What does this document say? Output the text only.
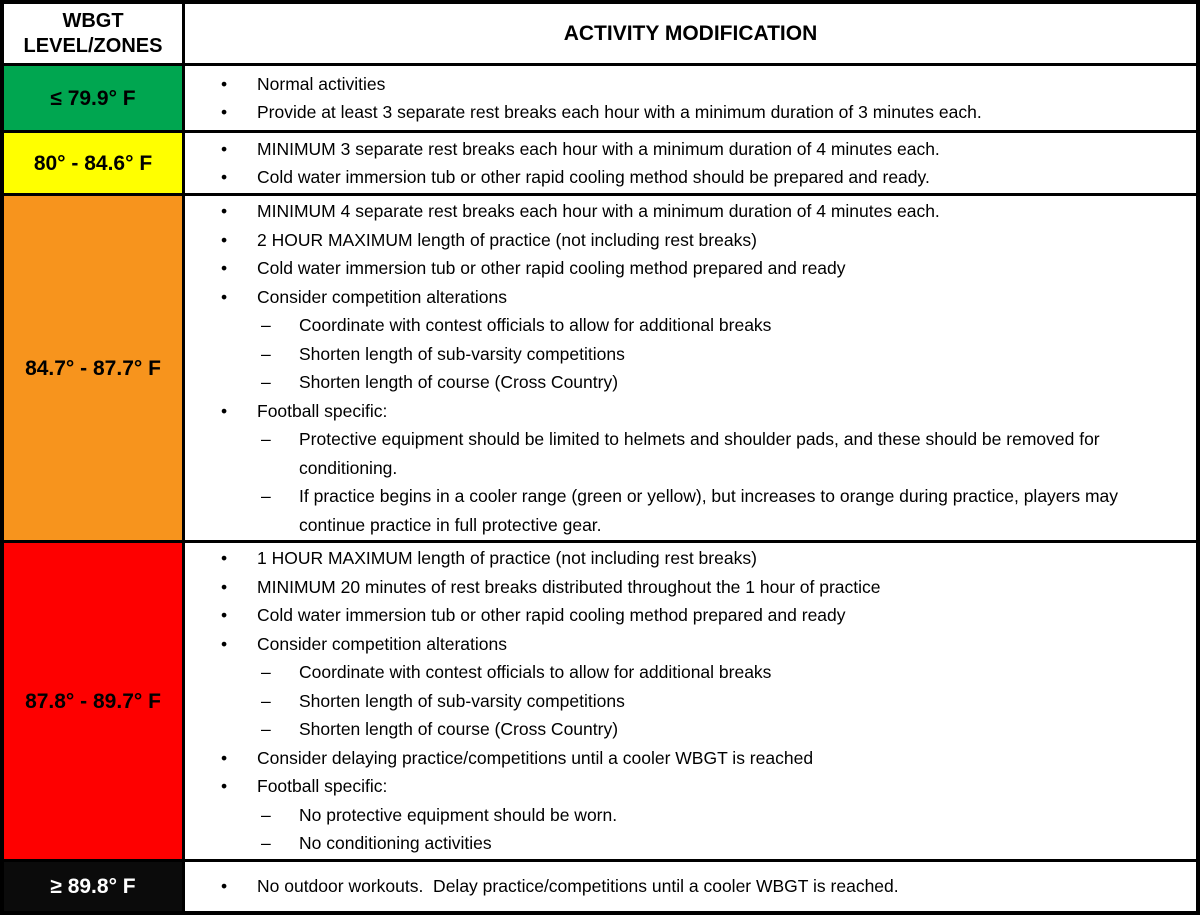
WBGT LEVEL/ZONES
ACTIVITY MODIFICATION
≤ 79.9° F
•	Normal activities
•	Provide at least 3 separate rest breaks each hour with a minimum duration of 3 minutes each.
80° - 84.6° F
•	MINIMUM 3 separate rest breaks each hour with a minimum duration of 4 minutes each.
•	Cold water immersion tub or other rapid cooling method should be prepared and ready.
84.7° - 87.7° F
•	MINIMUM 4 separate rest breaks each hour with a minimum duration of 4 minutes each.
•	2 HOUR MAXIMUM length of practice (not including rest breaks)
•	Cold water immersion tub or other rapid cooling method prepared and ready
•	Consider competition alterations
–	Coordinate with contest officials to allow for additional breaks
–	Shorten length of sub-varsity competitions
–	Shorten length of course (Cross Country)
•	Football specific:
–	Protective equipment should be limited to helmets and shoulder pads, and these should be removed for conditioning.
–	If practice begins in a cooler range (green or yellow), but increases to orange during practice, players may continue practice in full protective gear.
87.8° - 89.7° F
•	1 HOUR MAXIMUM length of practice (not including rest breaks)
•	MINIMUM 20 minutes of rest breaks distributed throughout the 1 hour of practice
•	Cold water immersion tub or other rapid cooling method prepared and ready
•	Consider competition alterations
–	Coordinate with contest officials to allow for additional breaks
–	Shorten length of sub-varsity competitions
–	Shorten length of course (Cross Country)
•	Consider delaying practice/competitions until a cooler WBGT is reached
•	Football specific:
–	No protective equipment should be worn.
–	No conditioning activities
≥ 89.8° F	•	No outdoor workouts.  Delay practice/competitions until a cooler WBGT is reached.
